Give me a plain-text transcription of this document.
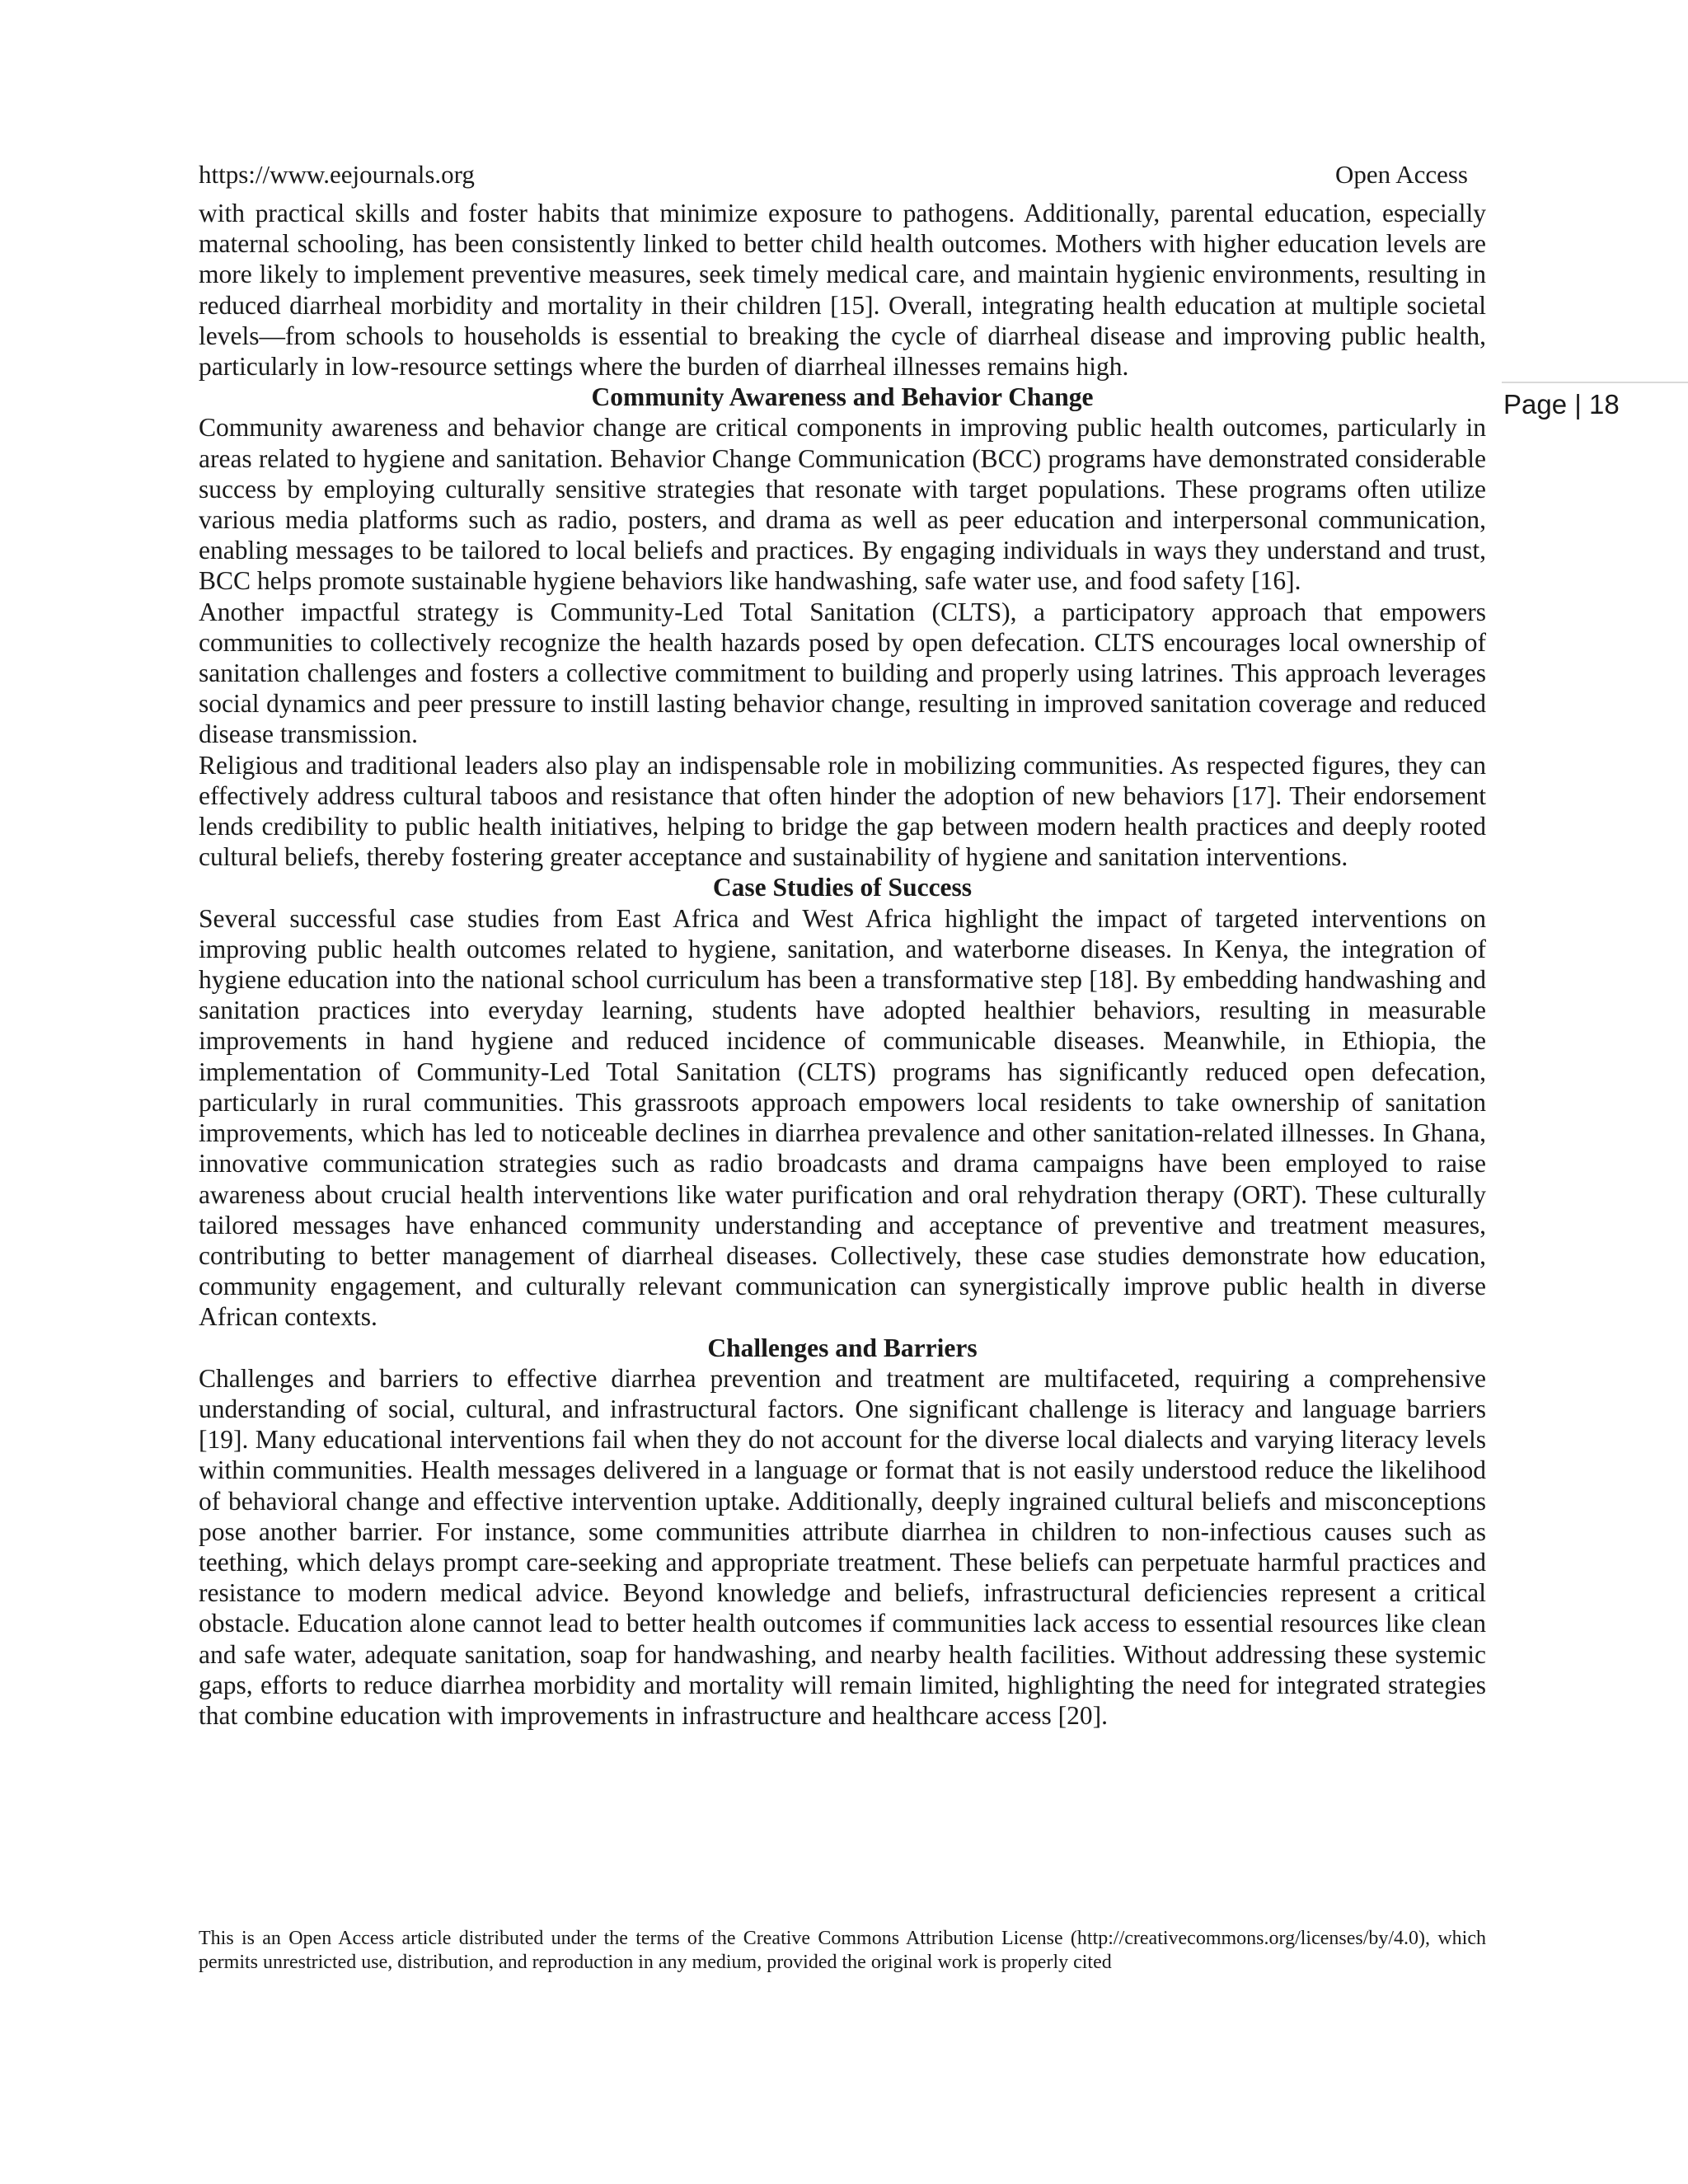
https://www.eejournals.org	Open Access
Page | 18

with practical skills and foster habits that minimize exposure to pathogens. Additionally, parental education, especially maternal schooling, has been consistently linked to better child health outcomes. Mothers with higher education levels are more likely to implement preventive measures, seek timely medical care, and maintain hygienic environments, resulting in reduced diarrheal morbidity and mortality in their children [15]. Overall, integrating health education at multiple societal levels—from schools to households is essential to breaking the cycle of diarrheal disease and improving public health, particularly in low-resource settings where the burden of diarrheal illnesses remains high.

Community Awareness and Behavior Change

Community awareness and behavior change are critical components in improving public health outcomes, particularly in areas related to hygiene and sanitation. Behavior Change Communication (BCC) programs have demonstrated considerable success by employing culturally sensitive strategies that resonate with target populations. These programs often utilize various media platforms such as radio, posters, and drama as well as peer education and interpersonal communication, enabling messages to be tailored to local beliefs and practices. By engaging individuals in ways they understand and trust, BCC helps promote sustainable hygiene behaviors like handwashing, safe water use, and food safety [16].

Another impactful strategy is Community-Led Total Sanitation (CLTS), a participatory approach that empowers communities to collectively recognize the health hazards posed by open defecation. CLTS encourages local ownership of sanitation challenges and fosters a collective commitment to building and properly using latrines. This approach leverages social dynamics and peer pressure to instill lasting behavior change, resulting in improved sanitation coverage and reduced disease transmission.

Religious and traditional leaders also play an indispensable role in mobilizing communities. As respected figures, they can effectively address cultural taboos and resistance that often hinder the adoption of new behaviors [17]. Their endorsement lends credibility to public health initiatives, helping to bridge the gap between modern health practices and deeply rooted cultural beliefs, thereby fostering greater acceptance and sustainability of hygiene and sanitation interventions.

Case Studies of Success

Several successful case studies from East Africa and West Africa highlight the impact of targeted interventions on improving public health outcomes related to hygiene, sanitation, and waterborne diseases. In Kenya, the integration of hygiene education into the national school curriculum has been a transformative step [18]. By embedding handwashing and sanitation practices into everyday learning, students have adopted healthier behaviors, resulting in measurable improvements in hand hygiene and reduced incidence of communicable diseases. Meanwhile, in Ethiopia, the implementation of Community-Led Total Sanitation (CLTS) programs has significantly reduced open defecation, particularly in rural communities. This grassroots approach empowers local residents to take ownership of sanitation improvements, which has led to noticeable declines in diarrhea prevalence and other sanitation-related illnesses. In Ghana, innovative communication strategies such as radio broadcasts and drama campaigns have been employed to raise awareness about crucial health interventions like water purification and oral rehydration therapy (ORT). These culturally tailored messages have enhanced community understanding and acceptance of preventive and treatment measures, contributing to better management of diarrheal diseases. Collectively, these case studies demonstrate how education, community engagement, and culturally relevant communication can synergistically improve public health in diverse African contexts.

Challenges and Barriers

Challenges and barriers to effective diarrhea prevention and treatment are multifaceted, requiring a comprehensive understanding of social, cultural, and infrastructural factors. One significant challenge is literacy and language barriers [19]. Many educational interventions fail when they do not account for the diverse local dialects and varying literacy levels within communities. Health messages delivered in a language or format that is not easily understood reduce the likelihood of behavioral change and effective intervention uptake. Additionally, deeply ingrained cultural beliefs and misconceptions pose another barrier. For instance, some communities attribute diarrhea in children to non-infectious causes such as teething, which delays prompt care-seeking and appropriate treatment. These beliefs can perpetuate harmful practices and resistance to modern medical advice. Beyond knowledge and beliefs, infrastructural deficiencies represent a critical obstacle. Education alone cannot lead to better health outcomes if communities lack access to essential resources like clean and safe water, adequate sanitation, soap for handwashing, and nearby health facilities. Without addressing these systemic gaps, efforts to reduce diarrhea morbidity and mortality will remain limited, highlighting the need for integrated strategies that combine education with improvements in infrastructure and healthcare access [20].

This is an Open Access article distributed under the terms of the Creative Commons Attribution License (http://creativecommons.org/licenses/by/4.0), which permits unrestricted use, distribution, and reproduction in any medium, provided the original work is properly cited
